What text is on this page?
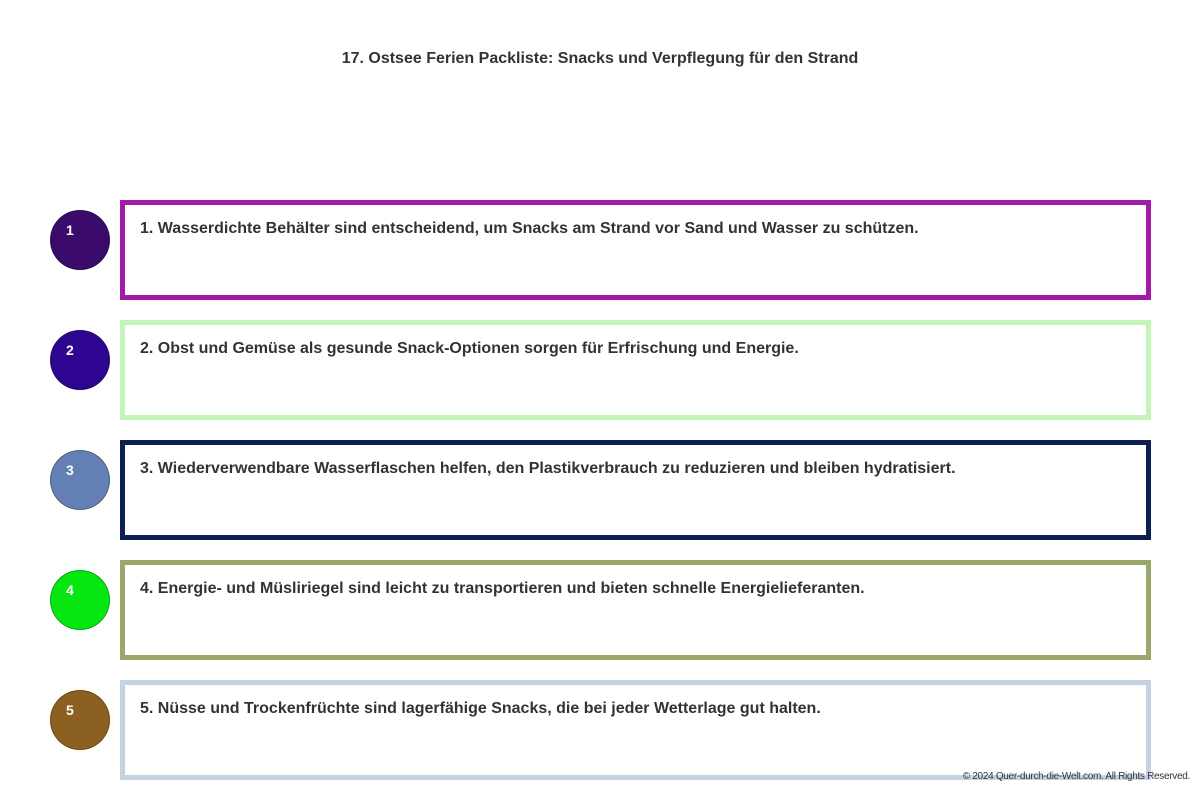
17. Ostsee Ferien Packliste: Snacks und Verpflegung für den Strand
1	1. Wasserdichte Behälter sind entscheidend, um Snacks am Strand vor Sand und Wasser zu schützen.
2	2. Obst und Gemüse als gesunde Snack-Optionen sorgen für Erfrischung und Energie.
3	3. Wiederverwendbare Wasserflaschen helfen, den Plastikverbrauch zu reduzieren und bleiben hydratisiert.
4	4. Energie- und Müsliriegel sind leicht zu transportieren und bieten schnelle Energielieferanten.
5	5. Nüsse und Trockenfrüchte sind lagerfähige Snacks, die bei jeder Wetterlage gut halten.
© 2024 Quer-durch-die-Welt.com. All Rights Reserved.
